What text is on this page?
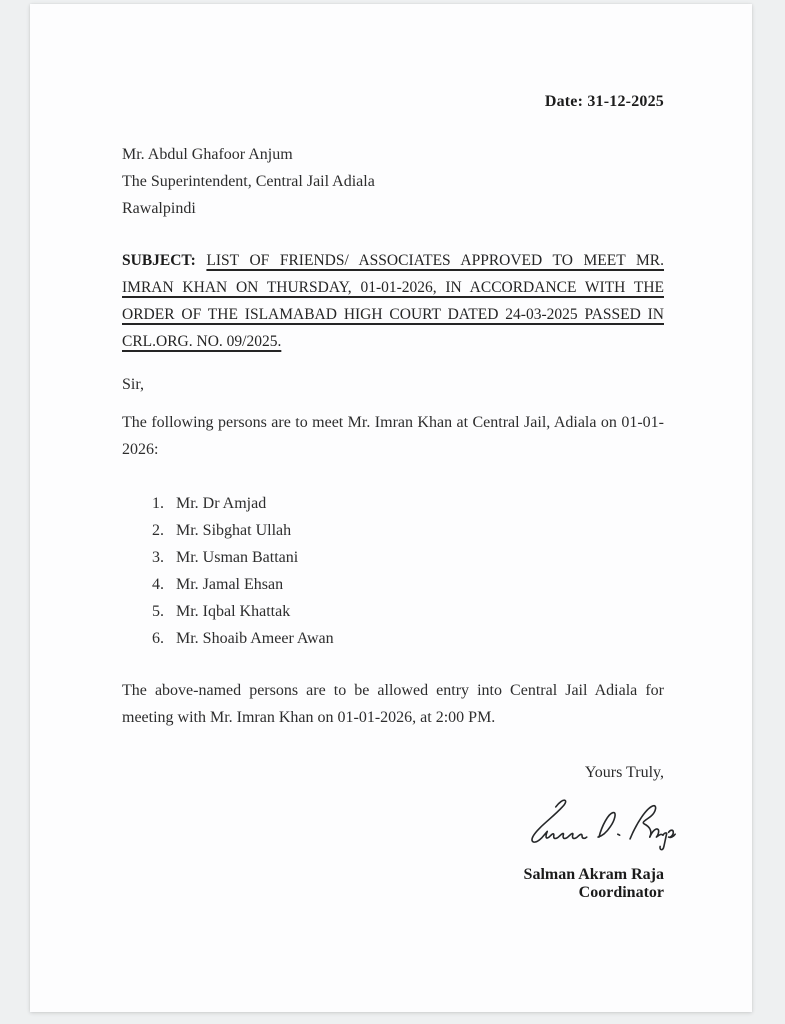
Date: 31-12-2025
Mr. Abdul Ghafoor Anjum
The Superintendent, Central Jail Adiala
Rawalpindi

SUBJECT: LIST OF FRIENDS/ ASSOCIATES APPROVED TO MEET MR. IMRAN KHAN ON THURSDAY, 01-01-2026, IN ACCORDANCE WITH THE ORDER OF THE ISLAMABAD HIGH COURT DATED 24-03-2025 PASSED IN CRL.ORG. NO. 09/2025.

Sir,

The following persons are to meet Mr. Imran Khan at Central Jail, Adiala on 01-01-2026:

1. Mr. Dr Amjad
2. Mr. Sibghat Ullah
3. Mr. Usman Battani
4. Mr. Jamal Ehsan
5. Mr. Iqbal Khattak
6. Mr. Shoaib Ameer Awan

The above-named persons are to be allowed entry into Central Jail Adiala for meeting with Mr. Imran Khan on 01-01-2026, at 2:00 PM.

Yours Truly,
Salman Akram Raja
Coordinator
